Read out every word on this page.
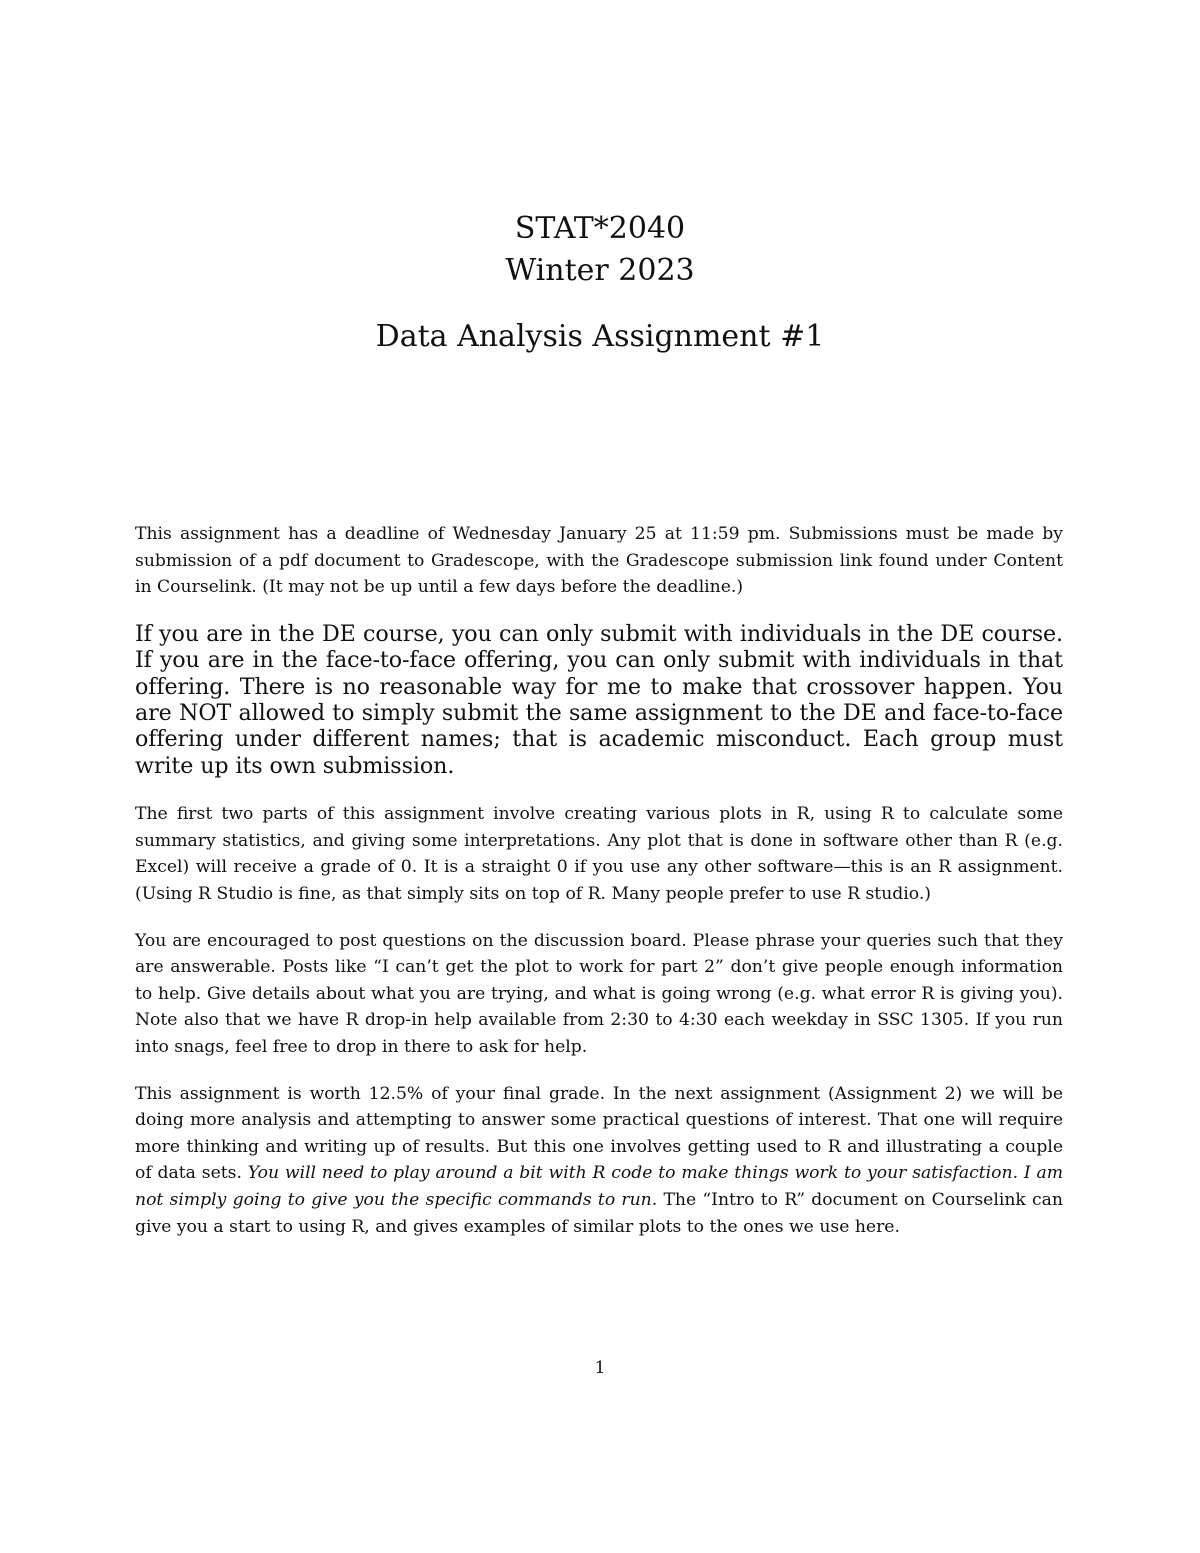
STAT*2040
Winter 2023
Data Analysis Assignment #1

This assignment has a deadline of Wednesday January 25 at 11:59 pm. Submissions must be made by submission of a pdf document to Gradescope, with the Gradescope submission link found under Content in Courselink. (It may not be up until a few days before the deadline.)

If you are in the DE course, you can only submit with individuals in the DE course. If you are in the face-to-face offering, you can only submit with individuals in that offering. There is no reasonable way for me to make that crossover happen. You are NOT allowed to simply submit the same assignment to the DE and face-to-face offering under different names; that is academic misconduct. Each group must write up its own submission.

The first two parts of this assignment involve creating various plots in R, using R to calculate some summary statistics, and giving some interpretations. Any plot that is done in software other than R (e.g. Excel) will receive a grade of 0. It is a straight 0 if you use any other software—this is an R assignment. (Using R Studio is fine, as that simply sits on top of R. Many people prefer to use R studio.)

You are encouraged to post questions on the discussion board. Please phrase your queries such that they are answerable. Posts like “I can’t get the plot to work for part 2” don’t give people enough information to help. Give details about what you are trying, and what is going wrong (e.g. what error R is giving you). Note also that we have R drop-in help available from 2:30 to 4:30 each weekday in SSC 1305. If you run into snags, feel free to drop in there to ask for help.

This assignment is worth 12.5% of your final grade. In the next assignment (Assignment 2) we will be doing more analysis and attempting to answer some practical questions of interest. That one will require more thinking and writing up of results. But this one involves getting used to R and illustrating a couple of data sets. You will need to play around a bit with R code to make things work to your satisfaction. I am not simply going to give you the specific commands to run. The “Intro to R” document on Courselink can give you a start to using R, and gives examples of similar plots to the ones we use here.

1
